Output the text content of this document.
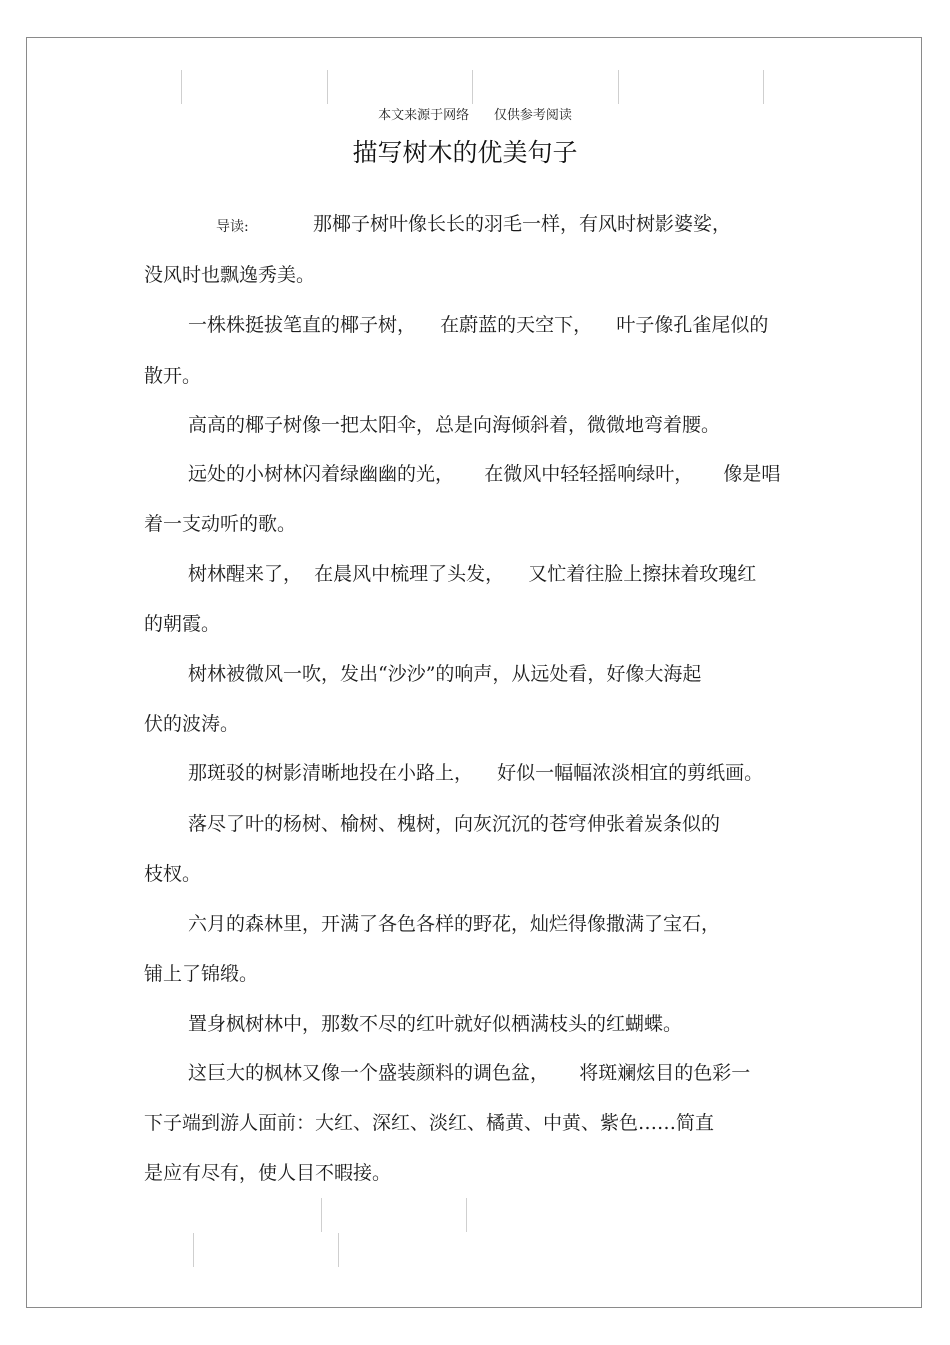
本文来源于网络      仅供参考阅读
描写树木的优美句子
导读:	那椰子树叶像长长的羽毛一样，有风时树影婆娑，
没风时也飘逸秀美。
一株株挺拔笔直的椰子树，    在蔚蓝的天空下，    叶子像孔雀尾似的
散开。
高高的椰子树像一把太阳伞，总是向海倾斜着，微微地弯着腰。
远处的小树林闪着绿幽幽的光，     在微风中轻轻摇响绿叶，     像是唱
着一支动听的歌。
树林醒来了，  在晨风中梳理了头发，    又忙着往脸上擦抹着玫瑰红
的朝霞。
树林被微风一吹，发出“沙沙”的响声，从远处看，好像大海起
伏的波涛。
那斑驳的树影清晰地投在小路上，    好似一幅幅浓淡相宜的剪纸画。
落尽了叶的杨树、榆树、槐树，向灰沉沉的苍穹伸张着炭条似的
枝杈。
六月的森林里，开满了各色各样的野花，灿烂得像撒满了宝石，
铺上了锦缎。
置身枫树林中，那数不尽的红叶就好似栖满枝头的红蝴蝶。
这巨大的枫林又像一个盛装颜料的调色盆，     将斑斓炫目的色彩一
下子端到游人面前：大红、深红、淡红、橘黄、中黄、紫色……简直
是应有尽有，使人目不暇接。
